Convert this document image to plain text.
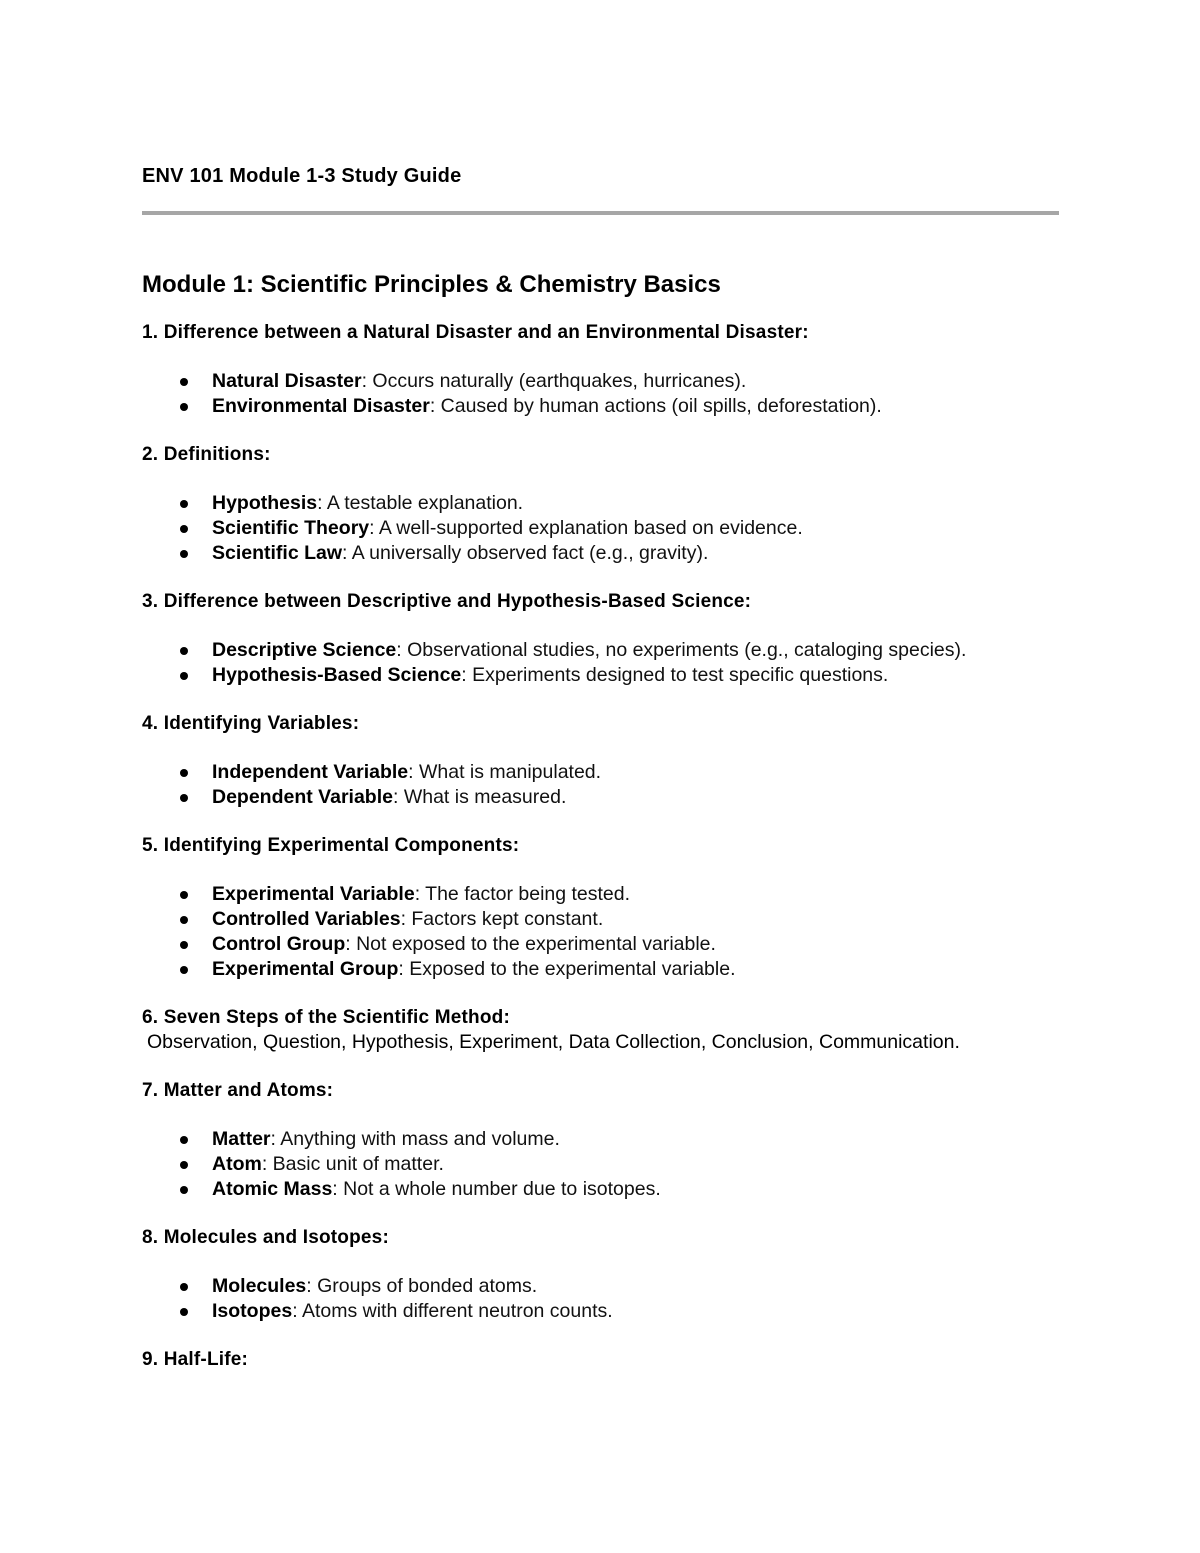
ENV 101 Module 1-3 Study Guide
Module 1: Scientific Principles & Chemistry Basics

1. Difference between a Natural Disaster and an Environmental Disaster:

Natural Disaster: Occurs naturally (earthquakes, hurricanes).
Environmental Disaster: Caused by human actions (oil spills, deforestation).

2. Definitions:

Hypothesis: A testable explanation.
Scientific Theory: A well-supported explanation based on evidence.
Scientific Law: A universally observed fact (e.g., gravity).

3. Difference between Descriptive and Hypothesis-Based Science:

Descriptive Science: Observational studies, no experiments (e.g., cataloging species).
Hypothesis-Based Science: Experiments designed to test specific questions.

4. Identifying Variables:

Independent Variable: What is manipulated.
Dependent Variable: What is measured.

5. Identifying Experimental Components:

Experimental Variable: The factor being tested.
Controlled Variables: Factors kept constant.
Control Group: Not exposed to the experimental variable.
Experimental Group: Exposed to the experimental variable.

6. Seven Steps of the Scientific Method:

Observation, Question, Hypothesis, Experiment, Data Collection, Conclusion, Communication.

7. Matter and Atoms:

Matter: Anything with mass and volume.
Atom: Basic unit of matter.
Atomic Mass: Not a whole number due to isotopes.

8. Molecules and Isotopes:

Molecules: Groups of bonded atoms.
Isotopes: Atoms with different neutron counts.

9. Half-Life:
